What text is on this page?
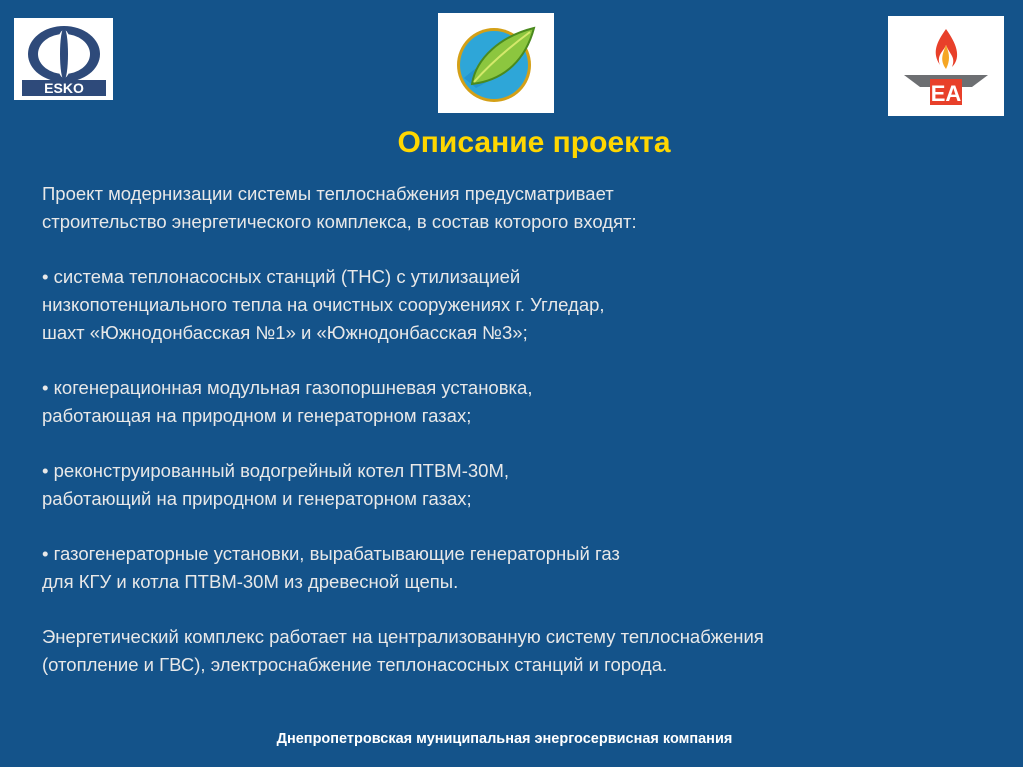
ESKO	EA
Описание проекта
Проект модернизации системы теплоснабжения предусматривает
строительство энергетического комплекса, в состав которого входят:
• система теплонасосных станций (ТНС) с утилизацией
низкопотенциального тепла на очистных сооружениях г. Угледар,
шахт «Южнодонбасская №1» и «Южнодонбасская №3»;
• когенерационная модульная газопоршневая установка,
работающая на природном и генераторном газах;
• реконструированный водогрейный котел ПТВМ-30М,
работающий на природном и генераторном газах;
• газогенераторные установки, вырабатывающие генераторный газ
для КГУ и котла ПТВМ-30М из древесной щепы.
Энергетический комплекс работает на централизованную систему теплоснабжения
(отопление и ГВС), электроснабжение теплонасосных станций и города.
Днепропетровская муниципальная энергосервисная компания
